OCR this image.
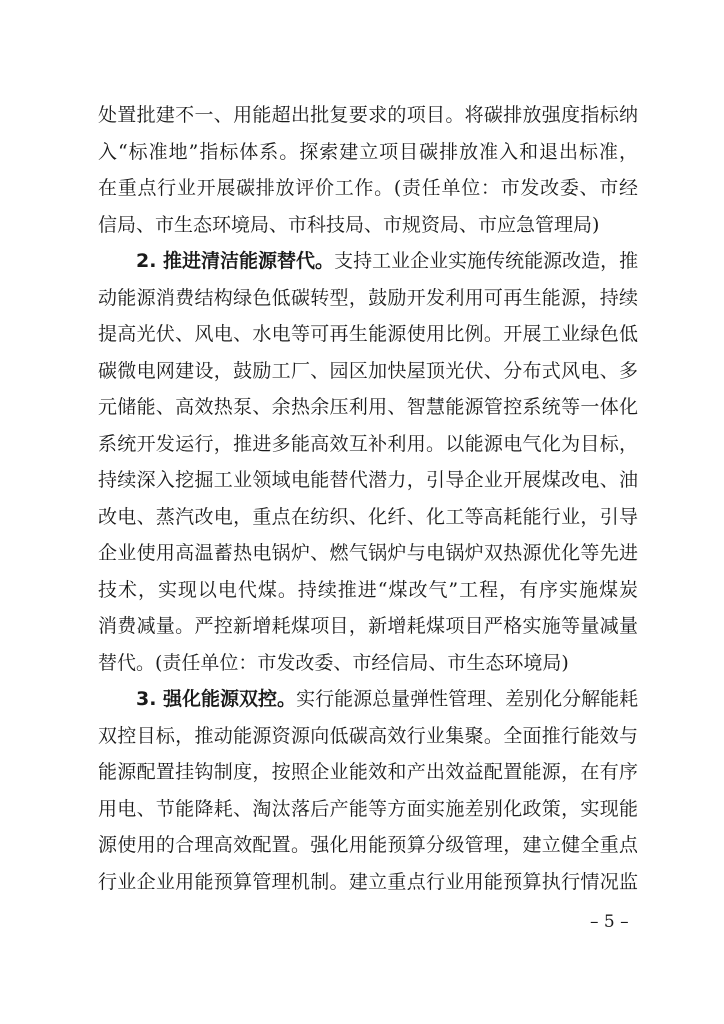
处置批建不一、用能超出批复要求的项目。将碳排放强度指标纳
入“标准地”指标体系。探索建立项目碳排放准入和退出标准，
在重点行业开展碳排放评价工作。(责任单位：市发改委、市经
信局、市生态环境局、市科技局、市规资局、市应急管理局)
2. 推进清洁能源替代。支持工业企业实施传统能源改造，推
动能源消费结构绿色低碳转型，鼓励开发利用可再生能源，持续
提高光伏、风电、水电等可再生能源使用比例。开展工业绿色低
碳微电网建设，鼓励工厂、园区加快屋顶光伏、分布式风电、多
元储能、高效热泵、余热余压利用、智慧能源管控系统等一体化
系统开发运行，推进多能高效互补利用。以能源电气化为目标，
持续深入挖掘工业领域电能替代潜力，引导企业开展煤改电、油
改电、蒸汽改电，重点在纺织、化纤、化工等高耗能行业，引导
企业使用高温蓄热电锅炉、燃气锅炉与电锅炉双热源优化等先进
技术，实现以电代煤。持续推进“煤改气”工程，有序实施煤炭
消费减量。严控新增耗煤项目，新增耗煤项目严格实施等量减量
替代。(责任单位：市发改委、市经信局、市生态环境局)
3. 强化能源双控。实行能源总量弹性管理、差别化分解能耗
双控目标，推动能源资源向低碳高效行业集聚。全面推行能效与
能源配置挂钩制度，按照企业能效和产出效益配置能源，在有序
用电、节能降耗、淘汰落后产能等方面实施差别化政策，实现能
源使用的合理高效配置。强化用能预算分级管理，建立健全重点
行业企业用能预算管理机制。建立重点行业用能预算执行情况监
– 5 –
